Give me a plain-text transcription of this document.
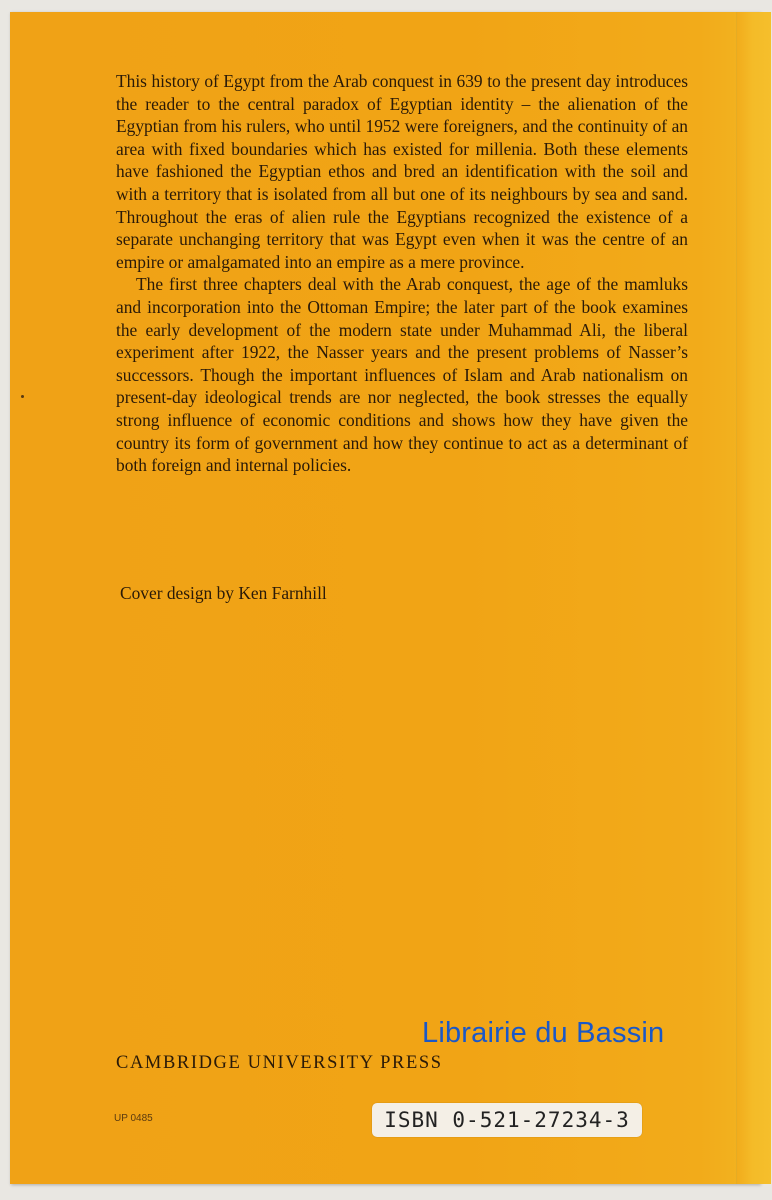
This history of Egypt from the Arab conquest in 639 to the present day introduces the reader to the central paradox of Egyptian identity – the alienation of the Egyptian from his rulers, who until 1952 were foreigners, and the continuity of an area with fixed boundaries which has existed for millenia. Both these elements have fashioned the Egyptian ethos and bred an identification with the soil and with a territory that is isolated from all but one of its neighbours by sea and sand. Throughout the eras of alien rule the Egyptians recognized the existence of a separate unchanging territory that was Egypt even when it was the centre of an empire or amalgamated into an empire as a mere province.

The first three chapters deal with the Arab conquest, the age of the mamluks and incorporation into the Ottoman Empire; the later part of the book examines the early development of the modern state under Muhammad Ali, the liberal experiment after 1922, the Nasser years and the present problems of Nasser’s successors. Though the important influences of Islam and Arab nationalism on present-day ideological trends are nor neglected, the book stresses the equally strong influence of economic conditions and shows how they have given the country its form of government and how they continue to act as a determinant of both foreign and internal policies.

Cover design by Ken Farnhill
Librairie du Bassin
CAMBRIDGE UNIVERSITY PRESS
UP 0485	ISBN 0-521-27234-3
